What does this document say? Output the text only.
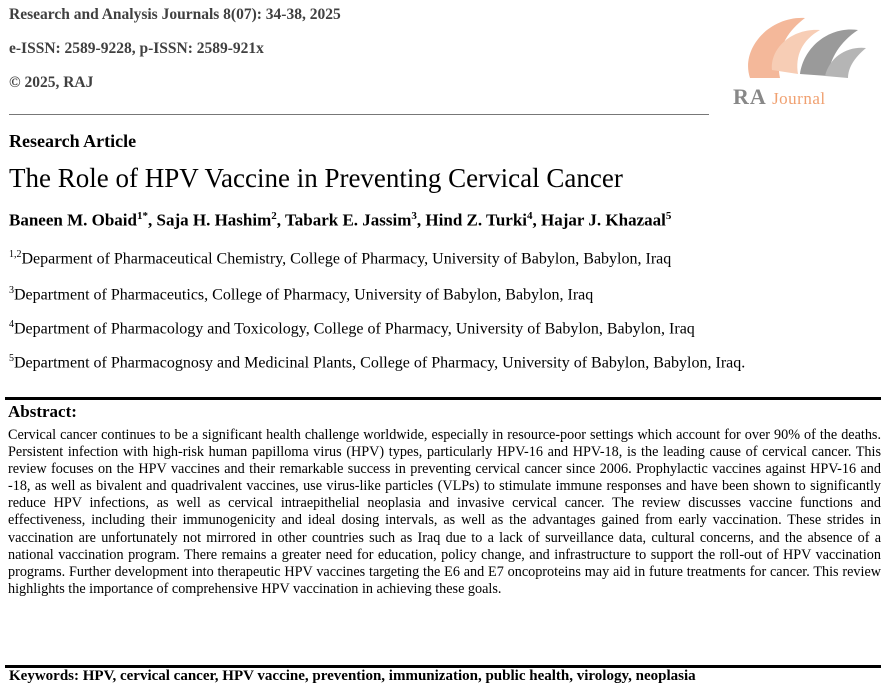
Research and Analysis Journals 8(07): 34-38, 2025
e-ISSN: 2589-9228, p-ISSN: 2589-921x
© 2025, RAJ
RA Journal
Research Article
The Role of HPV Vaccine in Preventing Cervical Cancer
Baneen M. Obaid$^{1*}$, Saja H. Hashim$^2$, Tabark E. Jassim$^3$, Hind Z. Turki$^4$, Hajar J. Khazaal$^5$
$^{1,2}$Deparment of Pharmaceutical Chemistry, College of Pharmacy, University of Babylon, Babylon, Iraq
$^3$Department of Pharmaceutics, College of Pharmacy, University of Babylon, Babylon, Iraq
$^4$Department of Pharmacology and Toxicology, College of Pharmacy, University of Babylon, Babylon, Iraq
$^5$Department of Pharmacognosy and Medicinal Plants, College of Pharmacy, University of Babylon, Babylon, Iraq.
Abstract:
Cervical cancer continues to be a significant health challenge worldwide, especially in resource-poor settings which account for over 90% of the deaths. Persistent infection with high-risk human papilloma virus (HPV) types, particularly HPV-16 and HPV-18, is the leading cause of cervical cancer. This review focuses on the HPV vaccines and their remarkable success in preventing cervical cancer since 2006. Prophylactic vaccines against HPV-16 and -18, as well as bivalent and quadrivalent vaccines, use virus-like particles (VLPs) to stimulate immune responses and have been shown to significantly reduce HPV infections, as well as cervical intraepithelial neoplasia and invasive cervical cancer. The review discusses vaccine functions and effectiveness, including their immunogenicity and ideal dosing intervals, as well as the advantages gained from early vaccination. These strides in vaccination are unfortunately not mirrored in other countries such as Iraq due to a lack of surveillance data, cultural concerns, and the absence of a national vaccination program. There remains a greater need for education, policy change, and infrastructure to support the roll-out of HPV vaccination programs. Further development into therapeutic HPV vaccines targeting the E6 and E7 oncoproteins may aid in future treatments for cancer. This review highlights the importance of comprehensive HPV vaccination in achieving these goals.
Keywords: HPV, cervical cancer, HPV vaccine, prevention, immunization, public health, virology, neoplasia
